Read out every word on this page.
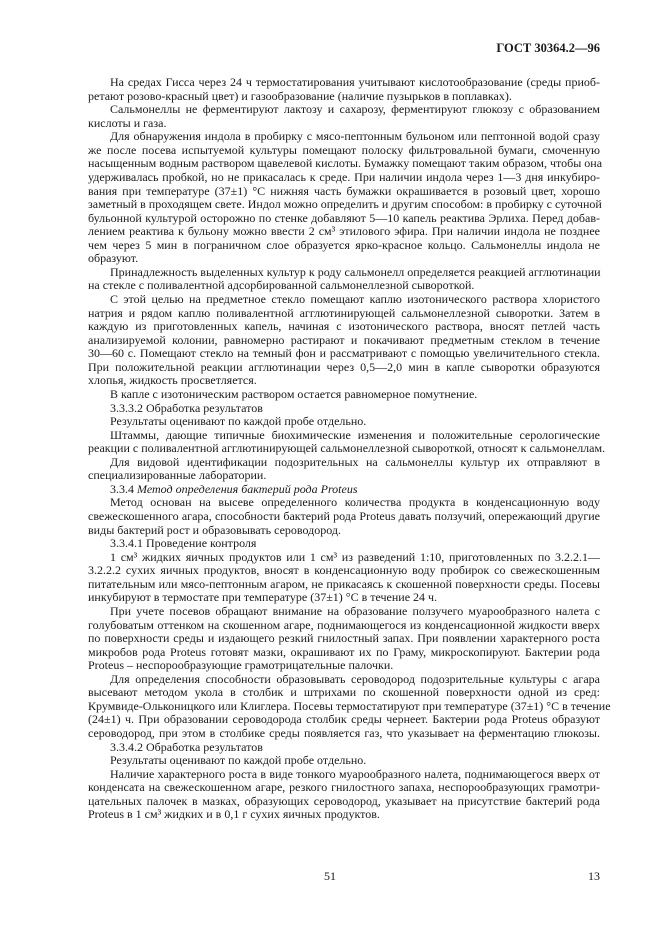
ГОСТ 30364.2—96
На средах Гисса через 24 ч термостатирования учитывают кислотообразование (среды приоб-
ретают розово-красный цвет) и газообразование (наличие пузырьков в поплавках).
Сальмонеллы не ферментируют лактозу и сахарозу, ферментируют глюкозу с образованием
кислоты и газа.
Для обнаружения индола в пробирку с мясо-пептонным бульоном или пептонной водой сразу
же после посева испытуемой культуры помещают полоску фильтровальной бумаги, смоченную
насыщенным водным раствором щавелевой кислоты. Бумажку помещают таким образом, чтобы она
удерживалась пробкой, но не прикасалась к среде. При наличии индола через 1—3 дня инкубиро-
вания при температуре (37±1) °С нижняя часть бумажки окрашивается в розовый цвет, хорошо
заметный в проходящем свете. Индол можно определить и другим способом: в пробирку с суточной
бульонной культурой осторожно по стенке добавляют 5—10 капель реактива Эрлиха. Перед добав-
лением реактива к бульону можно ввести 2 см³ этилового эфира. При наличии индола не позднее
чем через 5 мин в пограничном слое образуется ярко-красное кольцо. Сальмонеллы индола не
образуют.
Принадлежность выделенных культур к роду сальмонелл определяется реакцией агглютинации
на стекле с поливалентной адсорбированной сальмонеллезной сывороткой.
С этой целью на предметное стекло помещают каплю изотонического раствора хлористого
натрия и рядом каплю поливалентной агглютинирующей сальмонеллезной сыворотки. Затем в
каждую из приготовленных капель, начиная с изотонического раствора, вносят петлей часть
анализируемой колонии, равномерно растирают и покачивают предметным стеклом в течение
30—60 с. Помещают стекло на темный фон и рассматривают с помощью увеличительного стекла.
При положительной реакции агглютинации через 0,5—2,0 мин в капле сыворотки образуются
хлопья, жидкость просветляется.
В капле с изотоническим раствором остается равномерное помутнение.
3.3.3.2 Обработка результатов
Результаты оценивают по каждой пробе отдельно.
Штаммы, дающие типичные биохимические изменения и положительные серологические
реакции с поливалентной агглютинирующей сальмонеллезной сывороткой, относят к сальмонеллам.
Для видовой идентификации подозрительных на сальмонеллы культур их отправляют в
специализированные лаборатории.
3.3.4 Метод определения бактерий рода Proteus
Метод основан на высеве определенного количества продукта в конденсационную воду
свежескошенного агара, способности бактерий рода Proteus давать ползучий, опережающий другие
виды бактерий рост и образовывать сероводород.
3.3.4.1 Проведение контроля
1 см³ жидких яичных продуктов или 1 см³ из разведений 1:10, приготовленных по 3.2.2.1—
3.2.2.2 сухих яичных продуктов, вносят в конденсационную воду пробирок со свежескошенным
питательным или мясо-пептонным агаром, не прикасаясь к скошенной поверхности среды. Посевы
инкубируют в термостате при температуре (37±1) °С в течение 24 ч.
При учете посевов обращают внимание на образование ползучего муарообразного налета с
голубоватым оттенком на скошенном агаре, поднимающегося из конденсационной жидкости вверх
по поверхности среды и издающего резкий гнилостный запах. При появлении характерного роста
микробов рода Proteus готовят мазки, окрашивают их по Граму, микроскопируют. Бактерии рода
Proteus – неспорообразующие грамотрицательные палочки.
Для определения способности образовывать сероводород подозрительные культуры с агара
высевают методом укола в столбик и штрихами по скошенной поверхности одной из сред:
Крумвиде-Ольконицкого или Клиглера. Посевы термостатируют при температуре (37±1) °С в течение
(24±1) ч. При образовании сероводорода столбик среды чернеет. Бактерии рода Proteus образуют
сероводород, при этом в столбике среды появляется газ, что указывает на ферментацию глюкозы.
3.3.4.2 Обработка результатов
Результаты оценивают по каждой пробе отдельно.
Наличие характерного роста в виде тонкого муарообразного налета, поднимающегося вверх от
конденсата на свежескошенном агаре, резкого гнилостного запаха, неспорообразующих грамотри-
цательных палочек в мазках, образующих сероводород, указывает на присутствие бактерий рода
Proteus в 1 см³ жидких и в 0,1 г сухих яичных продуктов.
51	13
